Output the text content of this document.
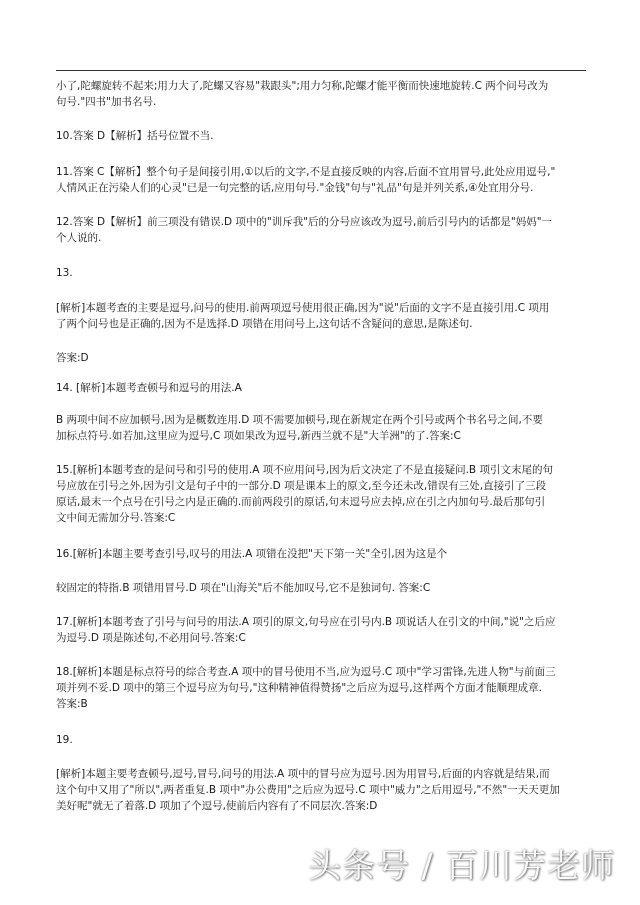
小了,陀螺旋转不起来;用力大了,陀螺又容易"栽跟头";用力匀称,陀螺才能平衡而快速地旋转.C 两个问号改为
句号."四书"加书名号.
10.答案 D【解析】括号位置不当.
11.答案 C【解析】整个句子是间接引用,①以后的文字,不是直接反映的内容,后面不宜用冒号,此处应用逗号,"
人情风正在污染人们的心灵"已是一句完整的话,应用句号."金钱"句与"礼品"句是并列关系,④处宜用分号.
12.答案 D【解析】前三项没有错误.D 项中的"训斥我"后的分号应该改为逗号,前后引号内的话都是"妈妈"一
个人说的.
13.
[解析]本题考查的主要是逗号,问号的使用.前两项逗号使用很正确,因为"说"后面的文字不是直接引用.C 项用
了两个问号也是正确的,因为不是选择.D 项错在用问号上,这句话不含疑问的意思,是陈述句.
答案:D
14. [解析]本题考查顿号和逗号的用法.A
B 两项中间不应加顿号,因为是概数连用.D 项不需要加顿号,现在新规定在两个引号或两个书名号之间,不要
加标点符号.如若加,这里应为逗号,C 项如果改为逗号,新西兰就不是"大羊洲"的了.答案:C
15.[解析]本题考查的是问号和引号的使用.A 项不应用问号,因为后文决定了不是直接疑问.B 项引文末尾的句
号应放在引号之外,因为引文是句子中的一部分.D 项是课本上的原文,至今还未改,错误有三处,直接引了三段
原话,最末一个点号在引号之内是正确的.而前两段引的原话,句末逗号应去掉,应在引之内加句号.最后那句引
文中间无需加分号.答案:C
16.[解析]本题主要考查引号,叹号的用法.A 项错在没把"天下第一关"全引,因为这是个
较固定的特指.B 项错用冒号.D 项在"山海关"后不能加叹号,它不是独词句. 答案:C
17.[解析]本题考查了引号与问号的用法.A 项引的原文,句号应在引号内.B 项说话人在引文的中间,"说"之后应
为逗号.D 项是陈述句,不必用问号.答案:C
18.[解析]本题是标点符号的综合考查.A 项中的冒号使用不当,应为逗号.C 项中"学习雷锋,先进人物"与前面三
项并列不妥.D 项中的第三个逗号应为句号,"这种精神值得赞扬"之后应为逗号,这样两个方面才能顺理成章.
答案:B
19.
[解析]本题主要考查顿号,逗号,冒号,问号的用法.A 项中的冒号应为逗号.因为用冒号,后面的内容就是结果,而
这个句中又用了"所以",两者重复.B 项中"办公费用"之后应为逗号.C 项中"威力"之后用逗号,"不然"一天天更加
美好呢"就无了着落.D 项加了个逗号,使前后内容有了不同层次.答案:D
头条号 / 百川芳老师
